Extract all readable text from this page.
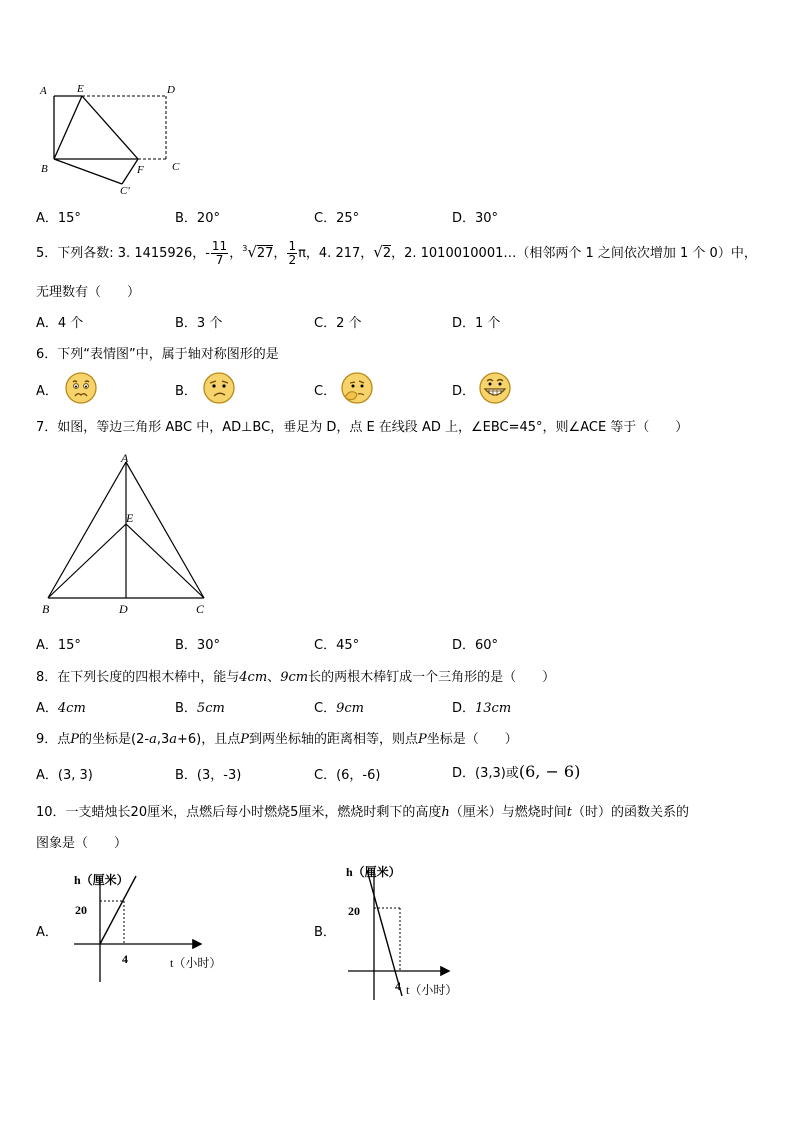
A	E	D
B	F	C
C′
A．15°	B．20°	C．25°	D．30°
5．下列各数: 3. 1415926，- $\frac{11}{7}$ ，$^3$√27， $\frac{1}{2}$ π，4. 217，√2，2. 1010010001…（相邻两个 1 之间依次增加 1 个 0）中，
无理数有（　　）
A．4 个	B．3 个	C．2 个	D．1 个
6．下列“表情图”中，属于轴对称图形的是
A．	B．	C．	D．
7．如图，等边三角形 ABC 中，AD⊥BC，垂足为 D，点 E 在线段 AD 上，∠EBC=45°，则∠ACE 等于（　　）
A
E
B	D	C
A．15°	B．30°	C．45°	D．60°
8．在下列长度的四根木棒中，能与4cm、9cm长的两根木棒钉成一个三角形的是（　　）
A．4cm	B．5cm	C．9cm	D．13cm
9．点P的坐标是(2-a,3a+6)，且点P到两坐标轴的距离相等，则点P坐标是（　　）
A．(3, 3)	B．(3，-3)	C．(6，-6)	D．(3,3)或(6, − 6)
10．一支蜡烛长20厘米，点燃后每小时燃烧5厘米，燃烧时剩下的高度h（厘米）与燃烧时间t（时）的函数关系的
图象是（　　）
A．
h（厘米）
20
4	t（小时）
B．
h（厘米）
20
4 t（小时）
